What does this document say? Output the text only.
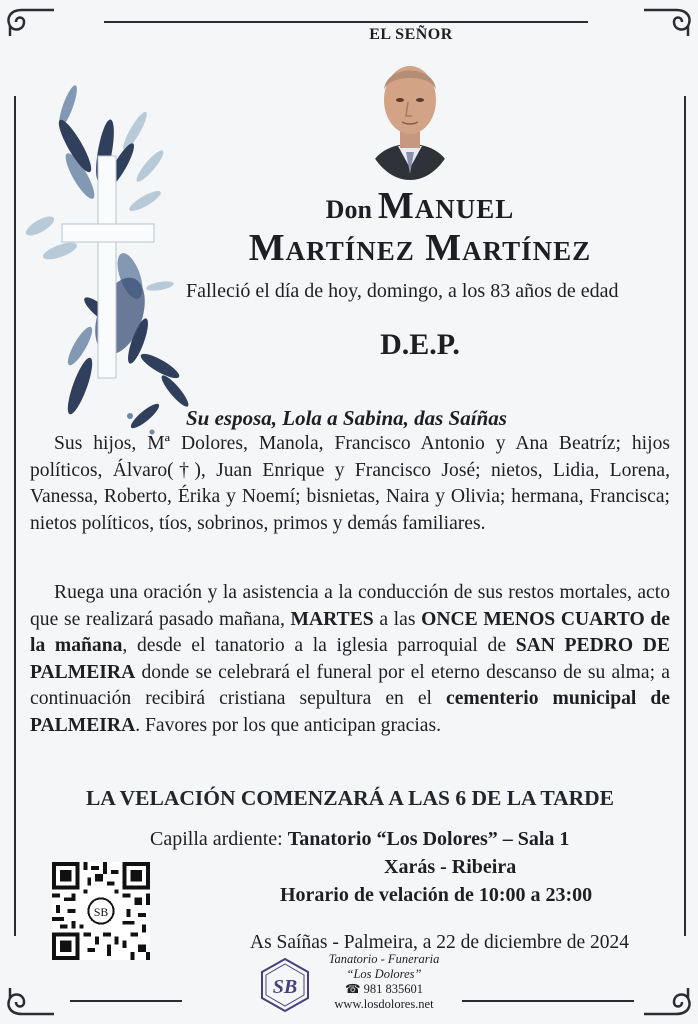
EL SEÑOR
Don Manuel
Martínez Martínez
Falleció el día de hoy, domingo, a los 83 años de edad
D.E.P.
Su esposa, Lola a Sabina, das Saíñas
Sus hijos, Mª Dolores, Manola, Francisco Antonio y Ana Beatríz; hijos políticos, Álvaro(†), Juan Enrique y Francisco José; nietos, Lidia, Lorena, Vanessa, Roberto, Érika y Noemí; bisnietas, Naira y Olivia; hermana, Francisca; nietos políticos, tíos, sobrinos, primos y demás familiares.
Ruega una oración y la asistencia a la conducción de sus restos mortales, acto que se realizará pasado mañana, MARTES a las ONCE MENOS CUARTO de la mañana, desde el tanatorio a la iglesia parroquial de SAN PEDRO DE PALMEIRA donde se celebrará el funeral por el eterno descanso de su alma; a continuación recibirá cristiana sepultura en el cementerio municipal de PALMEIRA. Favores por los que anticipan gracias.
LA VELACIÓN COMENZARÁ A LAS 6 DE LA TARDE
Capilla ardiente: Tanatorio “Los Dolores” – Sala 1
Xarás - Ribeira
Horario de velación de 10:00 a 23:00
SB
As Saíñas - Palmeira, a 22 de diciembre de 2024
SB
Tanatorio - Funeraria
“Los Dolores”
☎ 981 835601
www.losdolores.net
